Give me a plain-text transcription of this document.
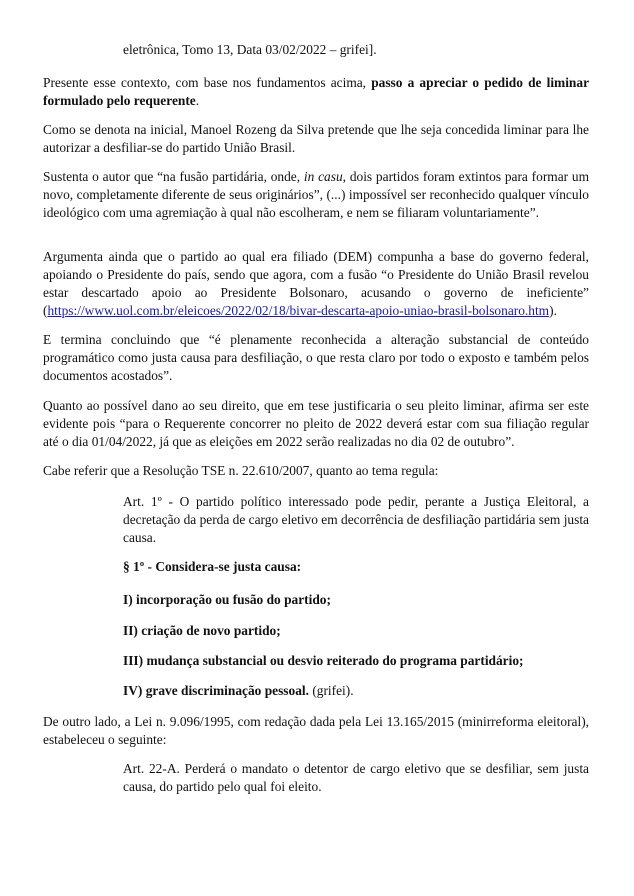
eletrônica, Tomo 13, Data 03/02/2022 – grifei].

Presente esse contexto, com base nos fundamentos acima, passo a apreciar o pedido de liminar formulado pelo requerente.

Como se denota na inicial, Manoel Rozeng da Silva pretende que lhe seja concedida liminar para lhe autorizar a desfiliar-se do partido União Brasil.

Sustenta o autor que “na fusão partidária, onde, in casu, dois partidos foram extintos para formar um novo, completamente diferente de seus originários”, (...) impossível ser reconhecido qualquer vínculo ideológico com uma agremiação à qual não escolheram, e nem se filiaram voluntariamente”.

Argumenta ainda que o partido ao qual era filiado (DEM) compunha a base do governo federal, apoiando o Presidente do país, sendo que agora, com a fusão “o Presidente do União Brasil revelou estar descartado apoio ao Presidente Bolsonaro, acusando o governo de ineficiente” (https://www.uol.com.br/eleicoes/2022/02/18/bivar-descarta-apoio-uniao-brasil-bolsonaro.htm).

E termina concluindo que “é plenamente reconhecida a alteração substancial de conteúdo programático como justa causa para desfiliação, o que resta claro por todo o exposto e também pelos documentos acostados”.

Quanto ao possível dano ao seu direito, que em tese justificaria o seu pleito liminar, afirma ser este evidente pois “para o Requerente concorrer no pleito de 2022 deverá estar com sua filiação regular até o dia 01/04/2022, já que as eleições em 2022 serão realizadas no dia 02 de outubro”.

Cabe referir que a Resolução TSE n. 22.610/2007, quanto ao tema regula:

Art. 1º - O partido político interessado pode pedir, perante a Justiça Eleitoral, a decretação da perda de cargo eletivo em decorrência de desfiliação partidária sem justa causa.

§ 1º - Considera-se justa causa:

I) incorporação ou fusão do partido;

II) criação de novo partido;

III) mudança substancial ou desvio reiterado do programa partidário;

IV) grave discriminação pessoal. (grifei).

De outro lado, a Lei n. 9.096/1995, com redação dada pela Lei 13.165/2015 (minirreforma eleitoral), estabeleceu o seguinte:

Art. 22-A. Perderá o mandato o detentor de cargo eletivo que se desfiliar, sem justa causa, do partido pelo qual foi eleito.
